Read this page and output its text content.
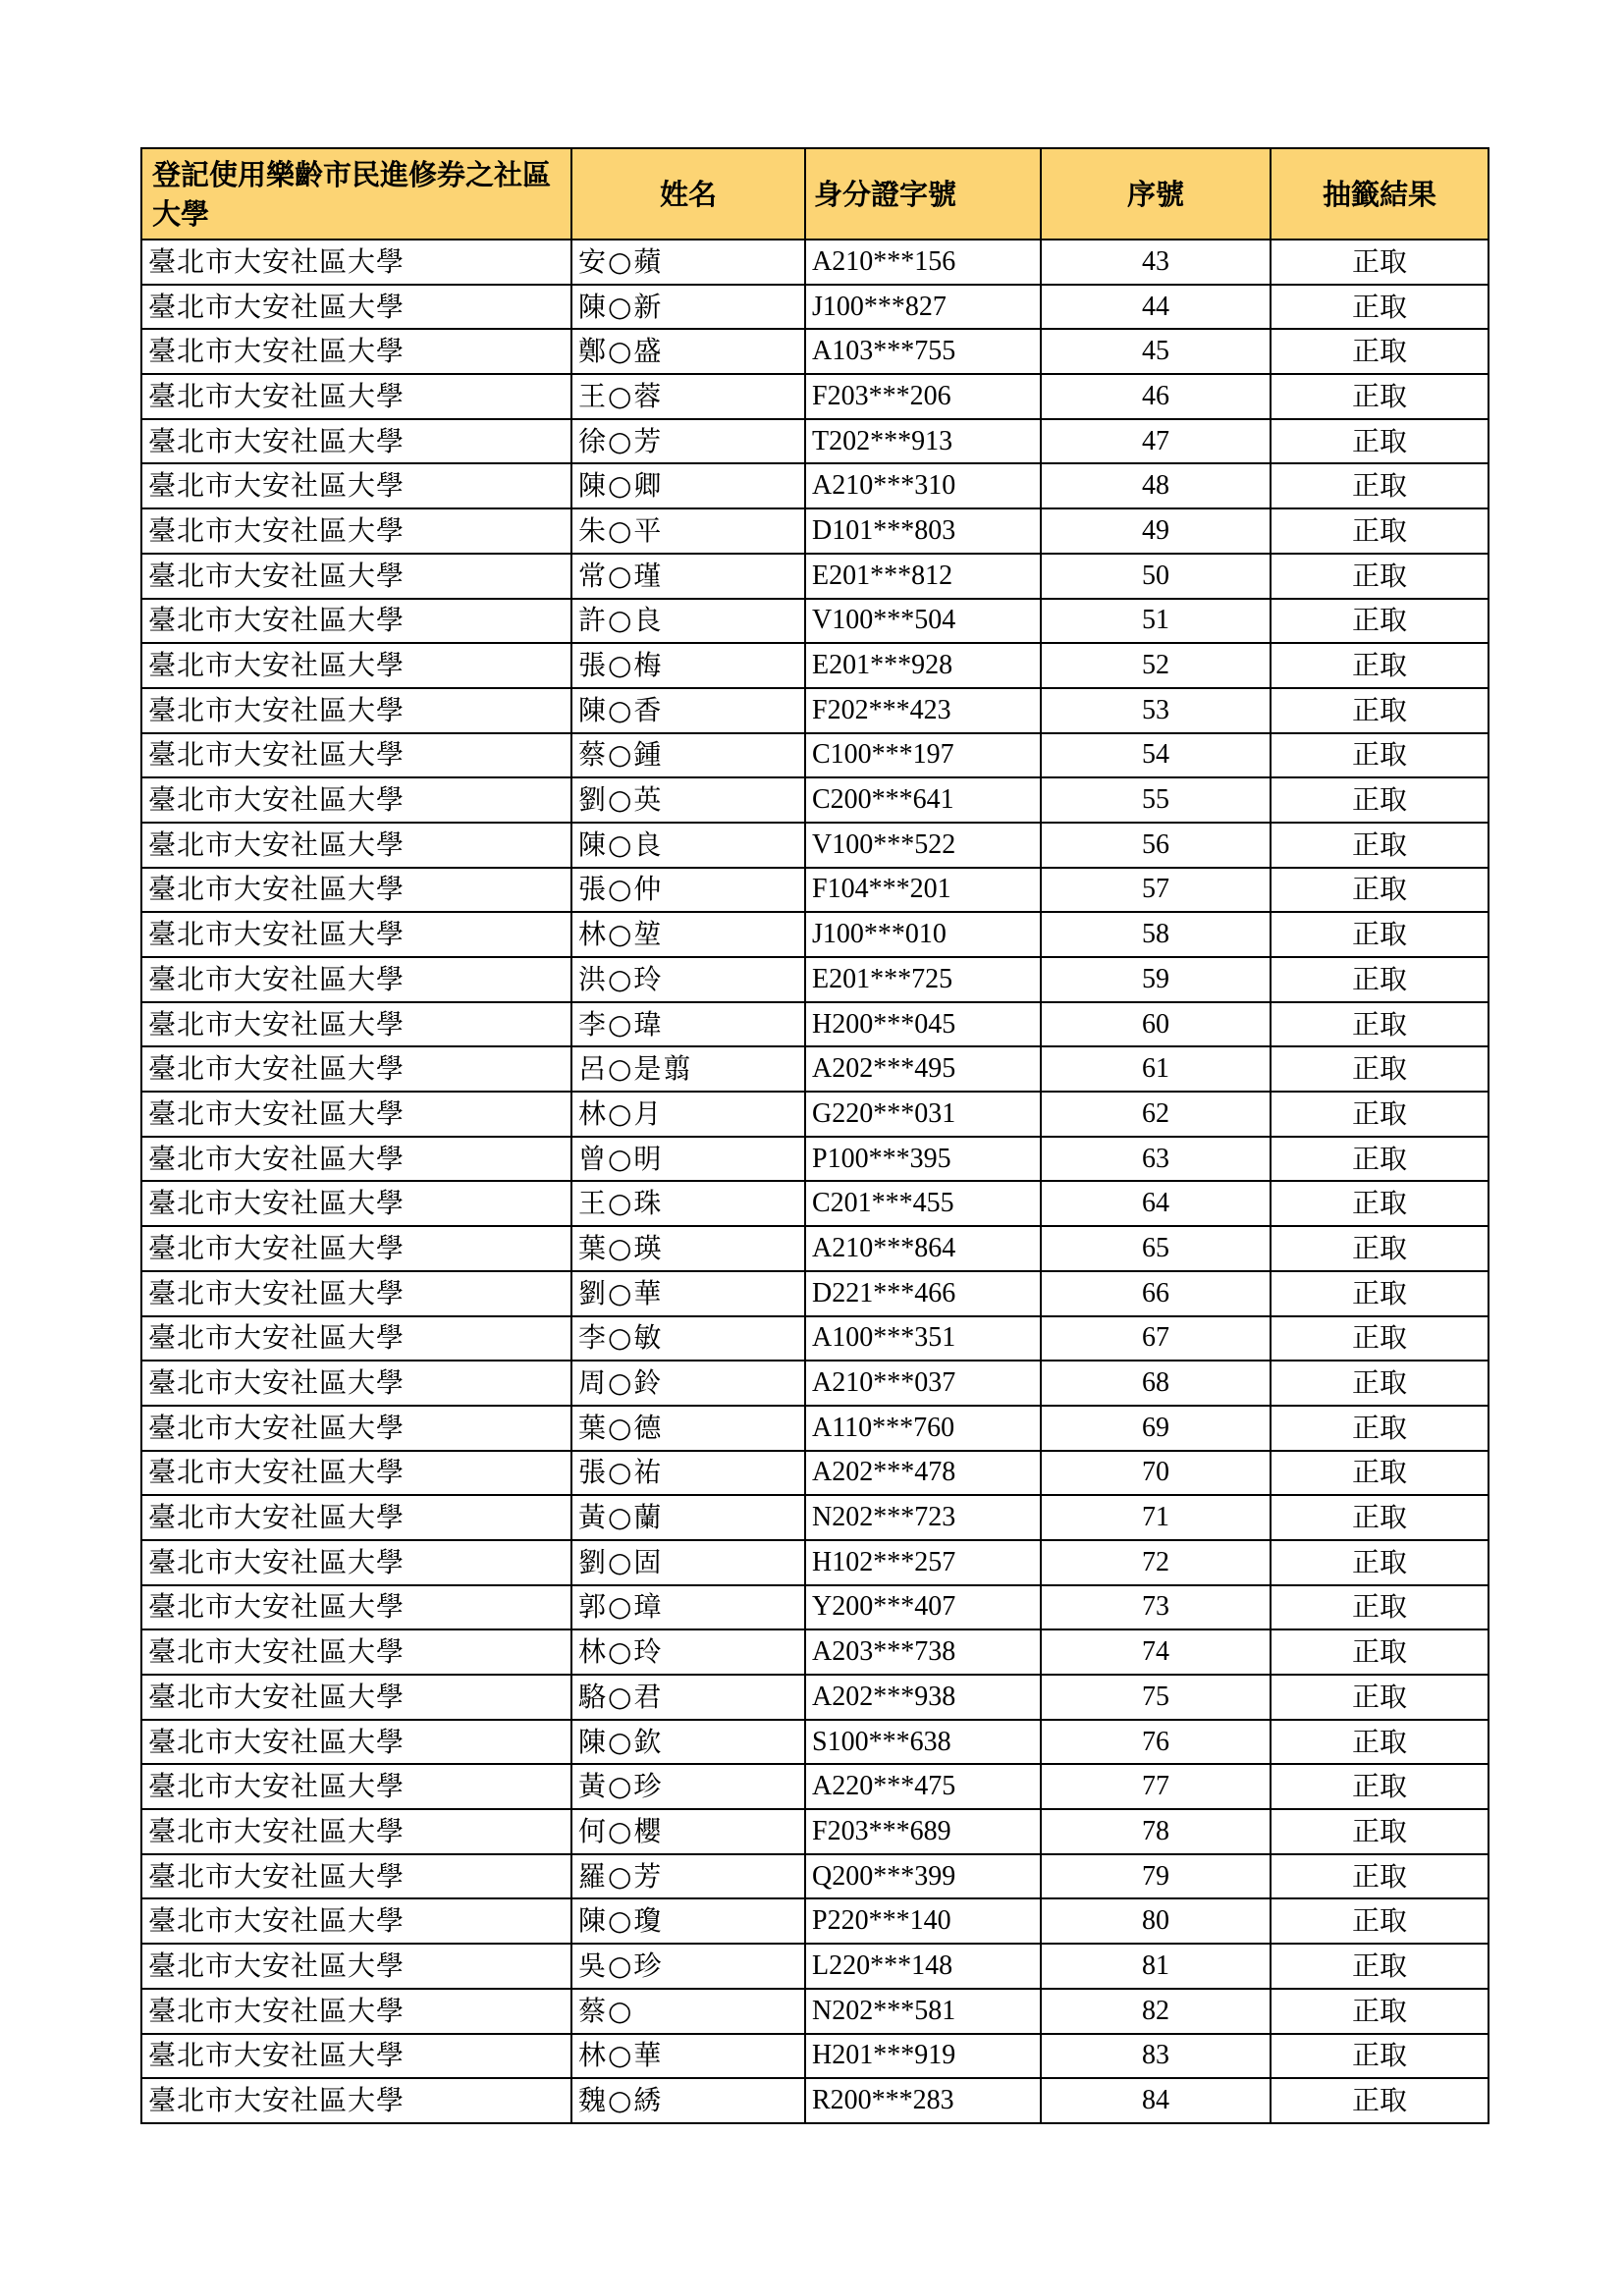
登記使用樂齡市民進修券之社區大學	姓名	身分證字號	序號	抽籤結果
臺北市大安社區大學	安○蘋	A210***156	43	正取
臺北市大安社區大學	陳○新	J100***827	44	正取
臺北市大安社區大學	鄭○盛	A103***755	45	正取
臺北市大安社區大學	王○蓉	F203***206	46	正取
臺北市大安社區大學	徐○芳	T202***913	47	正取
臺北市大安社區大學	陳○卿	A210***310	48	正取
臺北市大安社區大學	朱○平	D101***803	49	正取
臺北市大安社區大學	常○瑾	E201***812	50	正取
臺北市大安社區大學	許○良	V100***504	51	正取
臺北市大安社區大學	張○梅	E201***928	52	正取
臺北市大安社區大學	陳○香	F202***423	53	正取
臺北市大安社區大學	蔡○鍾	C100***197	54	正取
臺北市大安社區大學	劉○英	C200***641	55	正取
臺北市大安社區大學	陳○良	V100***522	56	正取
臺北市大安社區大學	張○仲	F104***201	57	正取
臺北市大安社區大學	林○堃	J100***010	58	正取
臺北市大安社區大學	洪○玲	E201***725	59	正取
臺北市大安社區大學	李○瑋	H200***045	60	正取
臺北市大安社區大學	呂○是翦	A202***495	61	正取
臺北市大安社區大學	林○月	G220***031	62	正取
臺北市大安社區大學	曾○明	P100***395	63	正取
臺北市大安社區大學	王○珠	C201***455	64	正取
臺北市大安社區大學	葉○瑛	A210***864	65	正取
臺北市大安社區大學	劉○華	D221***466	66	正取
臺北市大安社區大學	李○敏	A100***351	67	正取
臺北市大安社區大學	周○鈴	A210***037	68	正取
臺北市大安社區大學	葉○德	A110***760	69	正取
臺北市大安社區大學	張○祐	A202***478	70	正取
臺北市大安社區大學	黃○蘭	N202***723	71	正取
臺北市大安社區大學	劉○固	H102***257	72	正取
臺北市大安社區大學	郭○璋	Y200***407	73	正取
臺北市大安社區大學	林○玲	A203***738	74	正取
臺北市大安社區大學	駱○君	A202***938	75	正取
臺北市大安社區大學	陳○欽	S100***638	76	正取
臺北市大安社區大學	黃○珍	A220***475	77	正取
臺北市大安社區大學	何○櫻	F203***689	78	正取
臺北市大安社區大學	羅○芳	Q200***399	79	正取
臺北市大安社區大學	陳○瓊	P220***140	80	正取
臺北市大安社區大學	吳○珍	L220***148	81	正取
臺北市大安社區大學	蔡○	N202***581	82	正取
臺北市大安社區大學	林○華	H201***919	83	正取
臺北市大安社區大學	魏○綉	R200***283	84	正取
